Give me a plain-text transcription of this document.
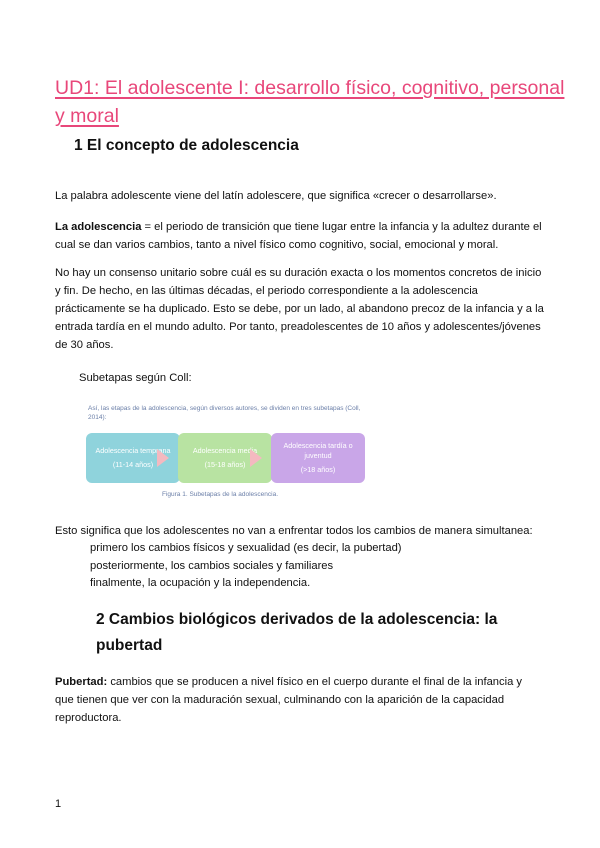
UD1: El adolescente I: desarrollo físico, cognitivo, personal y moral
1 El concepto de adolescencia
La palabra adolescente viene del latín adolescere, que significa «crecer o desarrollarse».
La adolescencia = el periodo de transición que tiene lugar entre la infancia y la adultez durante el cual se dan varios cambios, tanto a nivel físico como cognitivo, social, emocional y moral.
No hay un consenso unitario sobre cuál es su duración exacta o los momentos concretos de inicio y fin. De hecho, en las últimas décadas, el periodo correspondiente a la adolescencia prácticamente se ha duplicado. Esto se debe, por un lado, al abandono precoz de la infancia y a la entrada tardía en el mundo adulto. Por tanto, preadolescentes de 10 años y adolescentes/jóvenes de 30 años.
Subetapas según Coll:
Así, las etapas de la adolescencia, según diversos autores, se dividen en tres subetapas (Coll, 2014):
Adolescencia temprana
(11-14 años)
Adolescencia media
(15-18 años)
Adolescencia tardía o juventud
(>18 años)
Figura 1. Subetapas de la adolescencia.
Esto significa que los adolescentes no van a enfrentar todos los cambios de manera simultanea:
primero los cambios físicos y sexualidad (es decir, la pubertad)
posteriormente, los cambios sociales y familiares
finalmente, la ocupación y la independencia.
2 Cambios biológicos derivados de la adolescencia: la pubertad
Pubertad: cambios que se producen a nivel físico en el cuerpo durante el final de la infancia y que tienen que ver con la maduración sexual, culminando con la aparición de la capacidad reproductora.
1
